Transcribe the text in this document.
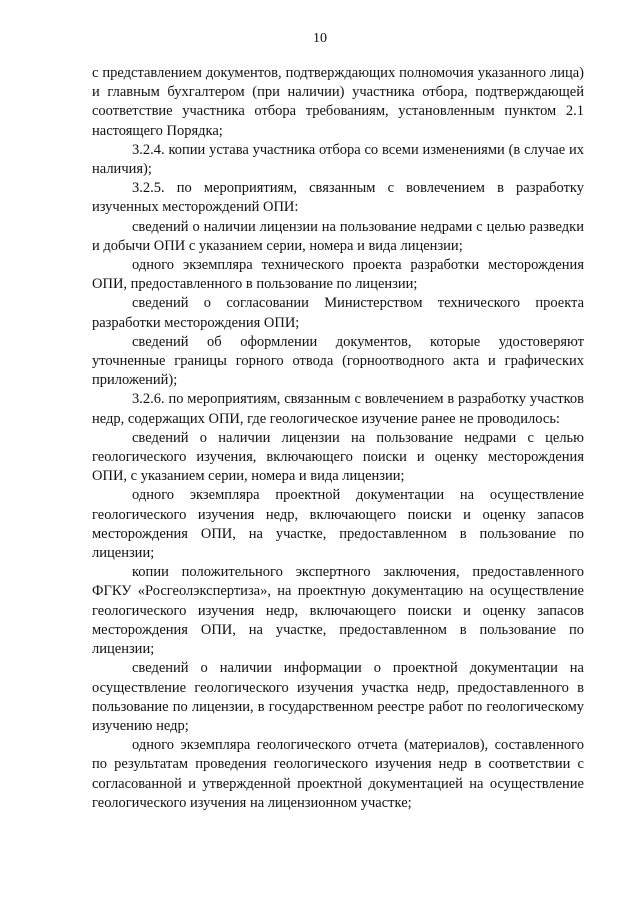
10

с представлением документов, подтверждающих полномочия указанного лица) и главным бухгалтером (при наличии) участника отбора, подтверждающей соответствие участника отбора требованиям, установленным пунктом 2.1 настоящего Порядка;

3.2.4. копии устава участника отбора со всеми изменениями (в случае их наличия);

3.2.5. по мероприятиям, связанным с вовлечением в разработку изученных месторождений ОПИ:

сведений о наличии лицензии на пользование недрами с целью разведки и добычи ОПИ с указанием серии, номера и вида лицензии;

одного экземпляра технического проекта разработки месторождения ОПИ, предоставленного в пользование по лицензии;

сведений о согласовании Министерством технического проекта разработки месторождения ОПИ;

сведений об оформлении документов, которые удостоверяют уточненные границы горного отвода (горноотводного акта и графических приложений);

3.2.6. по мероприятиям, связанным с вовлечением в разработку участков недр, содержащих ОПИ, где геологическое изучение ранее не проводилось:

сведений о наличии лицензии на пользование недрами с целью геологического изучения, включающего поиски и оценку месторождения ОПИ, с указанием серии, номера и вида лицензии;

одного экземпляра проектной документации на осуществление геологического изучения недр, включающего поиски и оценку запасов месторождения ОПИ, на участке, предоставленном в пользование по лицензии;

копии положительного экспертного заключения, предоставленного ФГКУ «Росгеолэкспертиза», на проектную документацию на осуществление геологического изучения недр, включающего поиски и оценку запасов месторождения ОПИ, на участке, предоставленном в пользование по лицензии;

сведений о наличии информации о проектной документации на осуществление геологического изучения участка недр, предоставленного в пользование по лицензии, в государственном реестре работ по геологическому изучению недр;

одного экземпляра геологического отчета (материалов), составленного по результатам проведения геологического изучения недр в соответствии с согласованной и утвержденной проектной документацией на осуществление геологического изучения на лицензионном участке;
